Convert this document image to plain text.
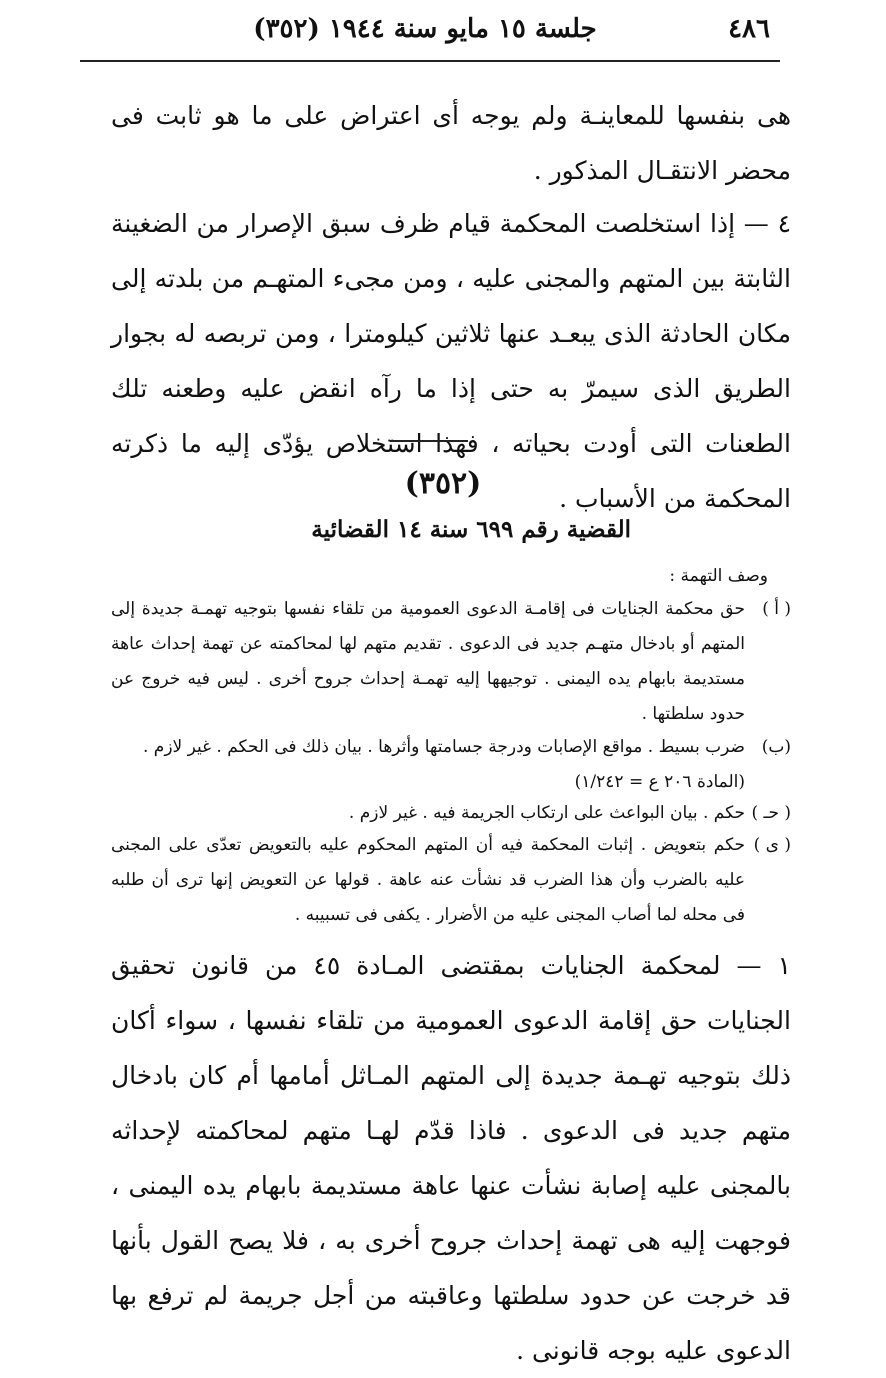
٤٨٦
جلسة ١٥ مايو سنة ١٩٤٤ (٣٥٢)
هى بنفسها للمعاينـة ولم يوجه أى اعتراض على ما هو ثابت فى محضر الانتقـال المذكور .
٤ — إذا استخلصت المحكمة قيام ظرف سبق الإصرار من الضغينة الثابتة بين المتهم والمجنى عليه ، ومن مجىء المتهـم من بلدته إلى مكان الحادثة الذى يبعـد عنها ثلاثين كيلومترا ، ومن تربصه له بجوار الطريق الذى سيمرّ به حتى إذا ما رآه انقض عليه وطعنه تلك الطعنات التى أودت بحياته ، فهذا استخلاص يؤدّى إليه ما ذكرته المحكمة من الأسباب .
(٣٥٢)
القضية رقم ٦٩٩ سنة ١٤ القضائية
وصف التهمة :
( أ )
حق محكمة الجنايات فى إقامـة الدعوى العمومية من تلقاء نفسها بتوجيه تهمـة جديدة إلى المتهم أو بادخال متهـم جديد فى الدعوى . تقديم متهم لها لمحاكمته عن تهمة إحداث عاهة مستديمة بابهام يده اليمنى . توجيهها إليه تهمـة إحداث جروح أخرى . ليس فيه خروج عن حدود سلطتها .
(ب)
ضرب بسيط . مواقع الإصابات ودرجة جسامتها وأثرها . بيان ذلك فى الحكم . غير لازم .
(المادة ٢٠٦ ع = ١/٢٤٢)
( حـ )
حكم . بيان البواعث على ارتكاب الجريمة فيه . غير لازم .
( ى )
حكم بتعويض . إثبات المحكمة فيه أن المتهم المحكوم عليه بالتعويض تعدّى على المجنى عليه بالضرب وأن هذا الضرب قد نشأت عنه عاهة . قولها عن التعويض إنها ترى أن طلبه فى محله لما أصاب المجنى عليه من الأضرار . يكفى فى تسبيبه .
١ — لمحكمة الجنايات بمقتضى المـادة ٤٥ من قانون تحقيق الجنايات حق إقامة الدعوى العمومية من تلقاء نفسها ، سواء أكان ذلك بتوجيه تهـمة جديدة إلى المتهم المـاثل أمامها أم كان بادخال متهم جديد فى الدعوى . فاذا قدّم لهـا متهم لمحاكمته لإحداثه بالمجنى عليه إصابة نشأت عنها عاهة مستديمة بابهام يده اليمنى ، فوجهت إليه هى تهمة إحداث جروح أخرى به ، فلا يصح القول بأنها قد خرجت عن حدود سلطتها وعاقبته من أجل جريمة لم ترفع بها الدعوى عليه بوجه قانونى .
